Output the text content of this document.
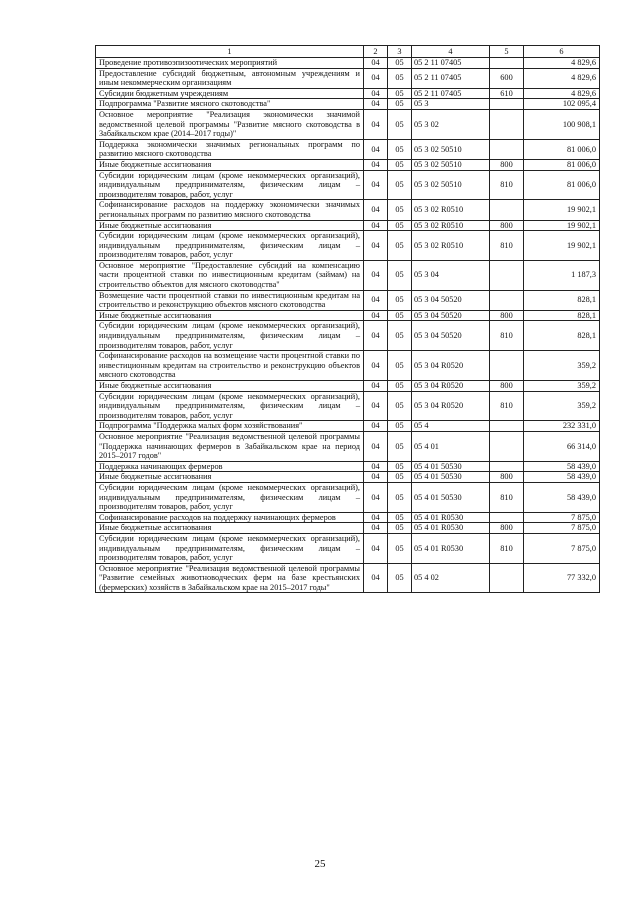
1	2	3	4	5	6
Проведение противоэпизоотических мероприятий	04	05	05 2 11 07405		4 829,6
Предоставление субсидий бюджетным, автономным учреждениям и иным некоммерческим организациям	04	05	05 2 11 07405	600	4 829,6
Субсидии бюджетным учреждениям	04	05	05 2 11 07405	610	4 829,6
Подпрограмма "Развитие мясного скотоводства"	04	05	05 3		102 095,4
Основное мероприятие "Реализация экономически значимой ведомственной целевой программы "Развитие мясного скотоводства в Забайкальском крае (2014–2017 годы)"	04	05	05 3 02		100 908,1
Поддержка экономически значимых региональных программ по развитию мясного скотоводства	04	05	05 3 02 50510		81 006,0
Иные бюджетные ассигнования	04	05	05 3 02 50510	800	81 006,0
Субсидии юридическим лицам (кроме некоммерческих организаций), индивидуальным предпринимателям, физическим лицам – производителям товаров, работ, услуг	04	05	05 3 02 50510	810	81 006,0
Софинансирование расходов на поддержку экономически значимых региональных программ по развитию мясного скотоводства	04	05	05 3 02 R0510		19 902,1
Иные бюджетные ассигнования	04	05	05 3 02 R0510	800	19 902,1
Субсидии юридическим лицам (кроме некоммерческих организаций), индивидуальным предпринимателям, физическим лицам – производителям товаров, работ, услуг	04	05	05 3 02 R0510	810	19 902,1
Основное мероприятие "Предоставление субсидий на компенсацию части процентной ставки по инвестиционным кредитам (займам) на строительство объектов для мясного скотоводства"	04	05	05 3 04		1 187,3
Возмещение части процентной ставки по инвестиционным кредитам на строительство и реконструкцию объектов мясного скотоводства	04	05	05 3 04 50520		828,1
Иные бюджетные ассигнования	04	05	05 3 04 50520	800	828,1
Субсидии юридическим лицам (кроме некоммерческих организаций), индивидуальным предпринимателям, физическим лицам – производителям товаров, работ, услуг	04	05	05 3 04 50520	810	828,1
Софинансирование расходов на возмещение части процентной ставки по инвестиционным кредитам на строительство и реконструкцию объектов мясного скотоводства	04	05	05 3 04 R0520		359,2
Иные бюджетные ассигнования	04	05	05 3 04 R0520	800	359,2
Субсидии юридическим лицам (кроме некоммерческих организаций), индивидуальным предпринимателям, физическим лицам – производителям товаров, работ, услуг	04	05	05 3 04 R0520	810	359,2
Подпрограмма "Поддержка малых форм хозяйствования"	04	05	05 4		232 331,0
Основное мероприятие "Реализация ведомственной целевой программы "Поддержка начинающих фермеров в Забайкальском крае на период 2015–2017 годов"	04	05	05 4 01		66 314,0
Поддержка начинающих фермеров	04	05	05 4 01 50530		58 439,0
Иные бюджетные ассигнования	04	05	05 4 01 50530	800	58 439,0
Субсидии юридическим лицам (кроме некоммерческих организаций), индивидуальным предпринимателям, физическим лицам – производителям товаров, работ, услуг	04	05	05 4 01 50530	810	58 439,0
Софинансирование расходов на поддержку начинающих фермеров	04	05	05 4 01 R0530		7 875,0
Иные бюджетные ассигнования	04	05	05 4 01 R0530	800	7 875,0
Субсидии юридическим лицам (кроме некоммерческих организаций), индивидуальным предпринимателям, физическим лицам – производителям товаров, работ, услуг	04	05	05 4 01 R0530	810	7 875,0
Основное мероприятие "Реализация ведомственной целевой программы "Развитие семейных животноводческих ферм на базе крестьянских (фермерских) хозяйств в Забайкальском крае на 2015–2017 годы"	04	05	05 4 02		77 332,0
25
